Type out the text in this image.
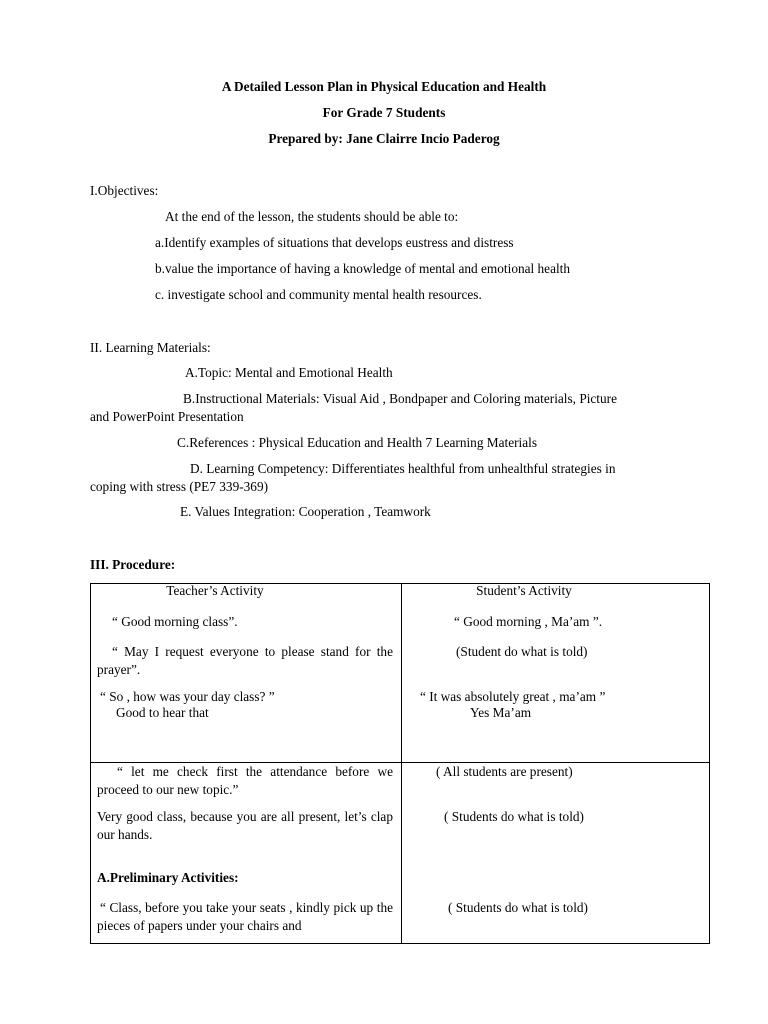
A Detailed Lesson Plan in Physical Education and Health
For Grade 7 Students
Prepared by: Jane Clairre Incio Paderog
I.Objectives:
At the end of the lesson, the students should be able to:
a.Identify examples of situations that develops eustress and distress
b.value the importance of having a knowledge of mental and emotional health
c. investigate school and community mental health resources.
II. Learning Materials:
A.Topic: Mental and Emotional Health
B.Instructional Materials: Visual Aid , Bondpaper and Coloring materials, Picture
and PowerPoint Presentation
C.References : Physical Education and Health 7 Learning Materials
D. Learning Competency: Differentiates healthful from unhealthful strategies in
coping with stress (PE7 339-369)
E. Values Integration: Cooperation , Teamwork
III. Procedure:
Teacher’s Activity	Student’s Activity
“ Good morning class”.
“ May I request everyone to please stand for the prayer”.
“ So , how was your day class? ”
Good to hear that
“ Good morning , Ma’am ”.
(Student do what is told)
“ It was absolutely great , ma’am ”
Yes Ma’am
“ let me check first the attendance before we proceed to our new topic.”
Very good class, because you are all present, let’s clap our hands.
A.Preliminary Activities:
“ Class, before you take your seats , kindly pick up the pieces of papers under your chairs and
( All students are present)
( Students do what is told)
( Students do what is told)
